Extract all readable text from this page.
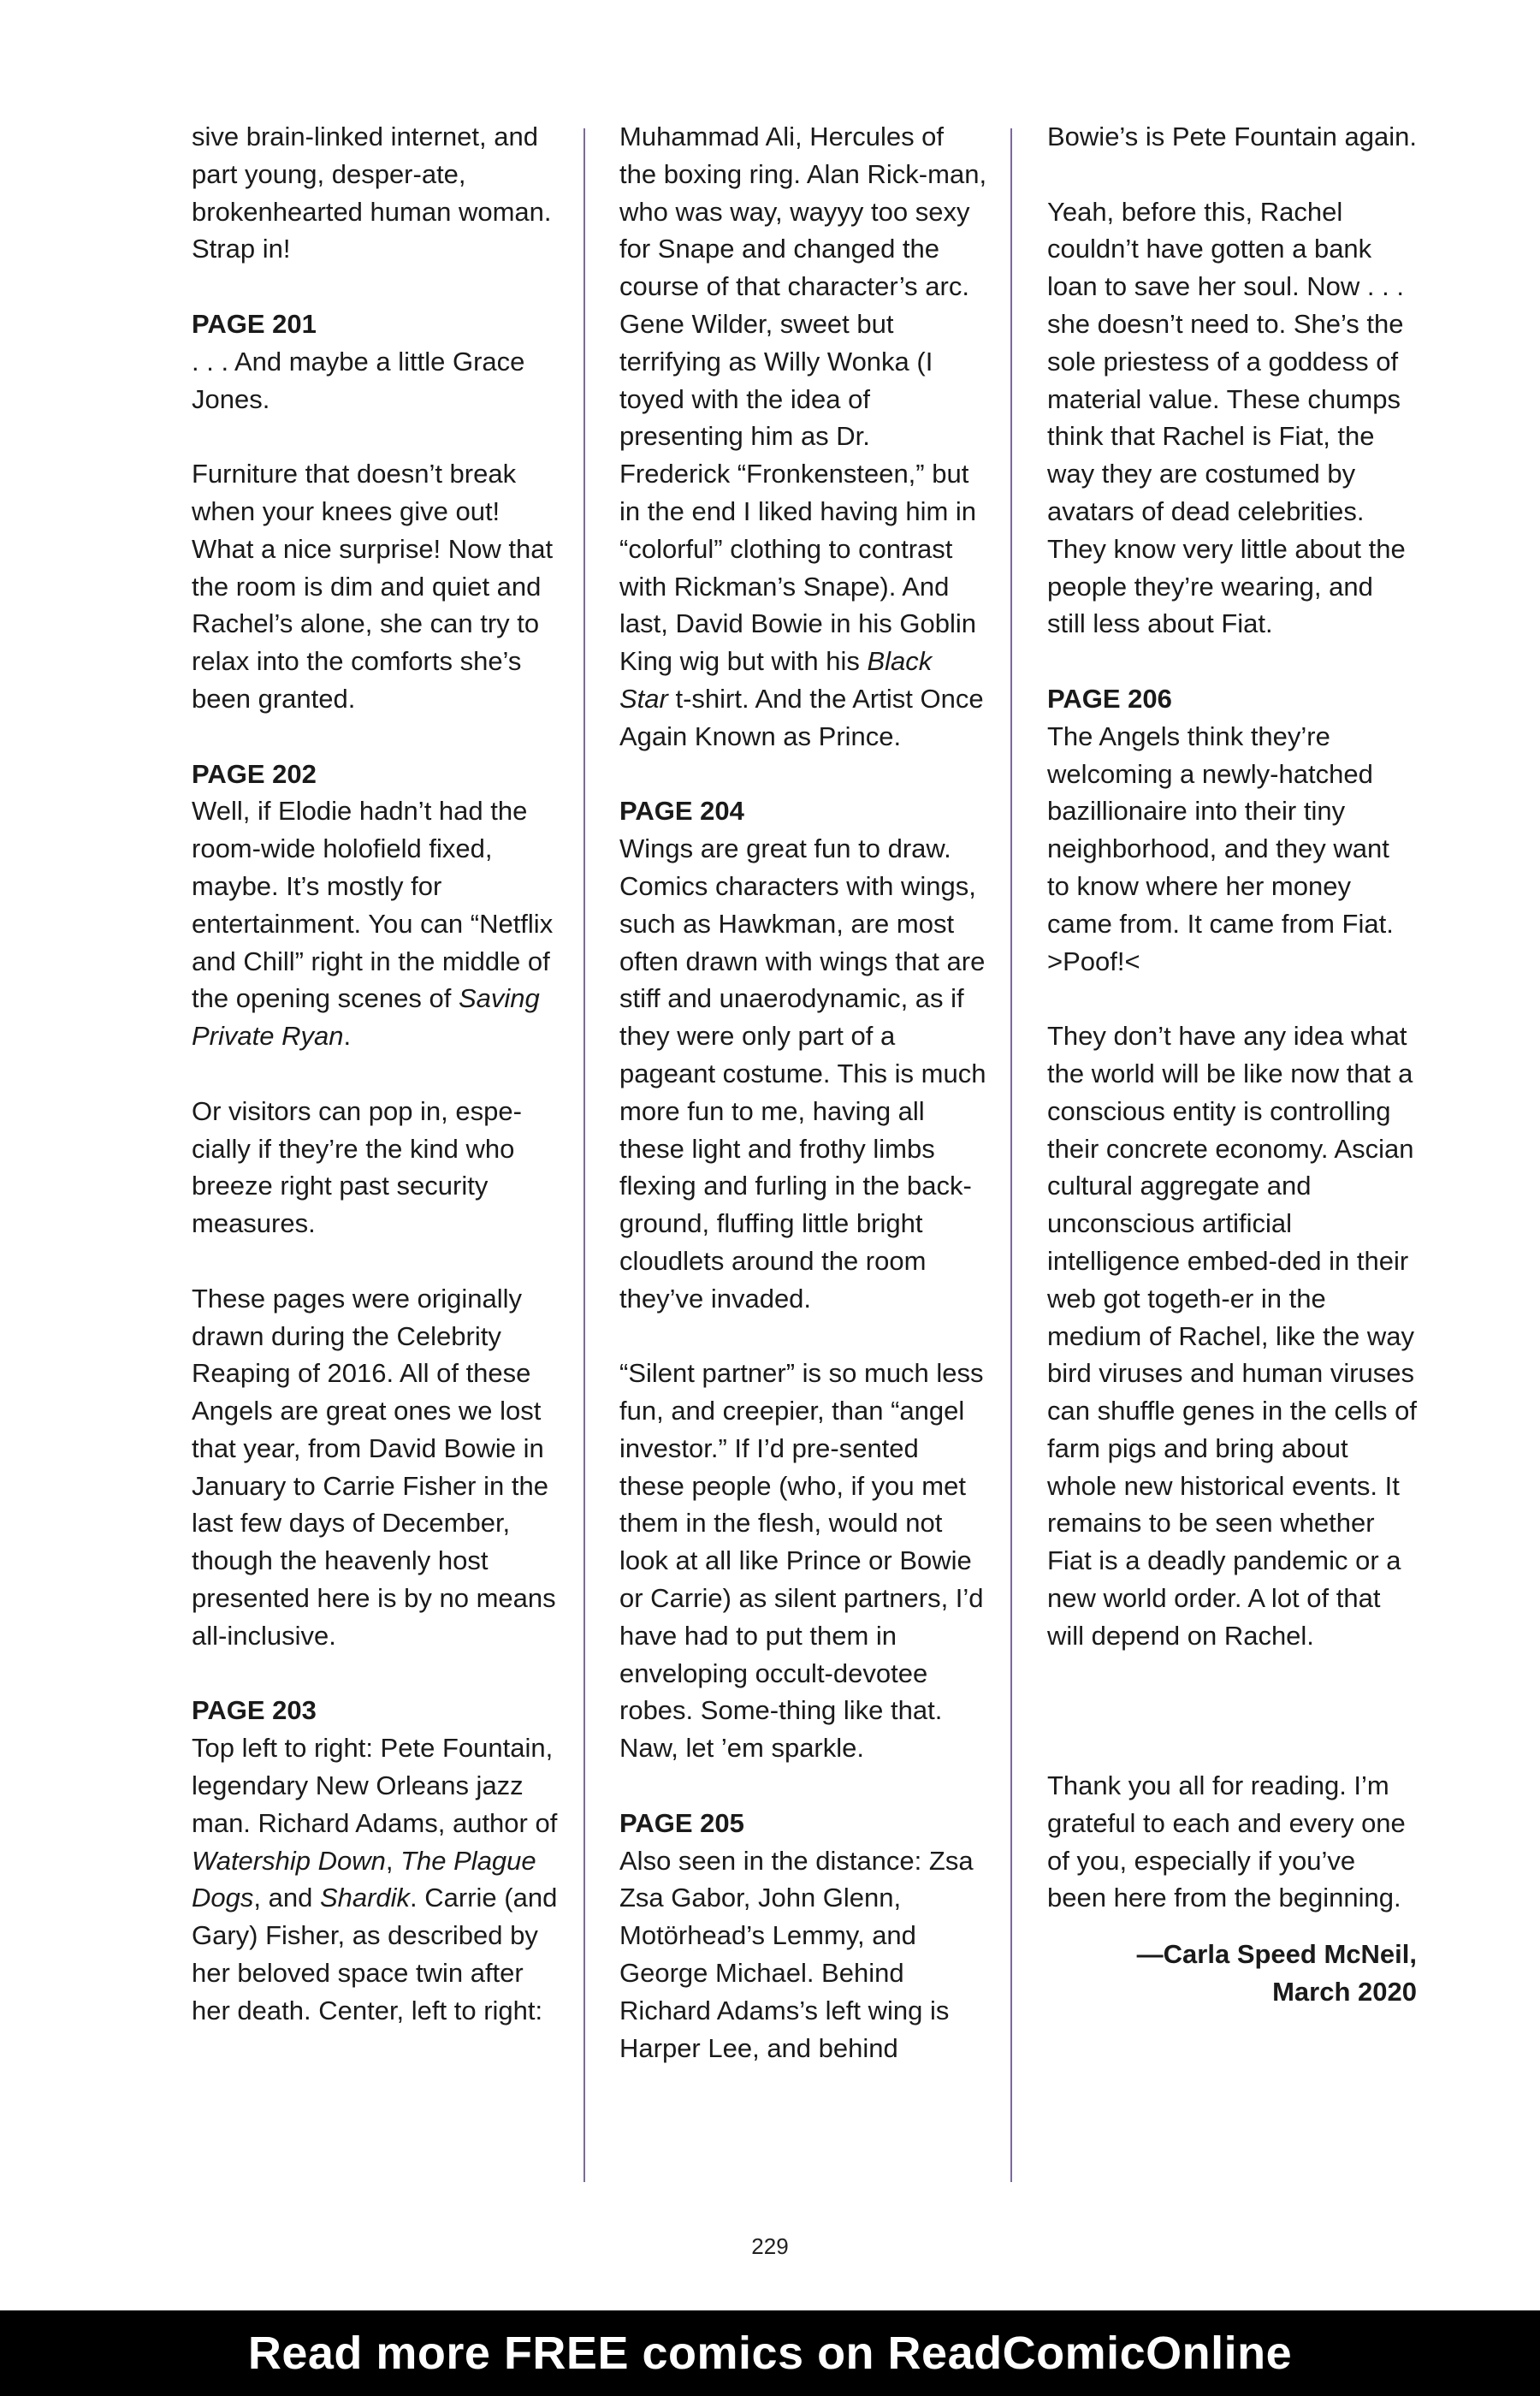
sive brain-linked internet, and part young, desper-ate, brokenhearted human woman. Strap in!

PAGE 201

. . . And maybe a little Grace Jones.

Furniture that doesn’t break when your knees give out! What a nice surprise! Now that the room is dim and quiet and Rachel’s alone, she can try to relax into the comforts she’s been granted.

PAGE 202

Well, if Elodie hadn’t had the room-wide holofield fixed, maybe. It’s mostly for entertainment. You can “Netflix and Chill” right in the middle of the opening scenes of Saving Private Ryan.

Or visitors can pop in, espe-cially if they’re the kind who breeze right past security measures.

These pages were originally drawn during the Celebrity Reaping of 2016. All of these Angels are great ones we lost that year, from David Bowie in January to Carrie Fisher in the last few days of December, though the heavenly host presented here is by no means all-inclusive.

PAGE 203

Top left to right: Pete Fountain, legendary New Orleans jazz man. Richard Adams, author of Watership Down, The Plague Dogs, and Shardik. Carrie (and Gary) Fisher, as described by her beloved space twin after her death. Center, left to right:

Muhammad Ali, Hercules of the boxing ring. Alan Rick-man, who was way, wayyy too sexy for Snape and changed the course of that character’s arc. Gene Wilder, sweet but terrifying as Willy Wonka (I toyed with the idea of presenting him as Dr. Frederick “Fronkensteen,” but in the end I liked having him in “colorful” clothing to contrast with Rickman’s Snape). And last, David Bowie in his Goblin King wig but with his Black Star t-shirt. And the Artist Once Again Known as Prince.

PAGE 204

Wings are great fun to draw. Comics characters with wings, such as Hawkman, are most often drawn with wings that are stiff and unaerodynamic, as if they were only part of a pageant costume. This is much more fun to me, having all these light and frothy limbs flexing and furling in the back-ground, fluffing little bright cloudlets around the room they’ve invaded.

“Silent partner” is so much less fun, and creepier, than “angel investor.” If I’d pre-sented these people (who, if you met them in the flesh, would not look at all like Prince or Bowie or Carrie) as silent partners, I’d have had to put them in enveloping occult-devotee robes. Some-thing like that. Naw, let ’em sparkle.

PAGE 205

Also seen in the distance: Zsa Zsa Gabor, John Glenn, Motörhead’s Lemmy, and George Michael. Behind Richard Adams’s left wing is Harper Lee, and behind

Bowie’s is Pete Fountain again.

Yeah, before this, Rachel couldn’t have gotten a bank loan to save her soul. Now . . . she doesn’t need to. She’s the sole priestess of a goddess of material value. These chumps think that Rachel is Fiat, the way they are costumed by avatars of dead celebrities. They know very little about the people they’re wearing, and still less about Fiat.

PAGE 206

The Angels think they’re welcoming a newly-hatched bazillionaire into their tiny neighborhood, and they want to know where her money came from. It came from Fiat. >Poof!<

They don’t have any idea what the world will be like now that a conscious entity is controlling their concrete economy. Ascian cultural aggregate and unconscious artificial intelligence embed-ded in their web got togeth-er in the medium of Rachel, like the way bird viruses and human viruses can shuffle genes in the cells of farm pigs and bring about whole new historical events. It remains to be seen whether Fiat is a deadly pandemic or a new world order. A lot of that will depend on Rachel.

Thank you all for reading. I’m grateful to each and every one of you, especially if you’ve been here from the beginning.

—Carla Speed McNeil,

March 2020

229
Read more FREE comics on ReadComicOnline
